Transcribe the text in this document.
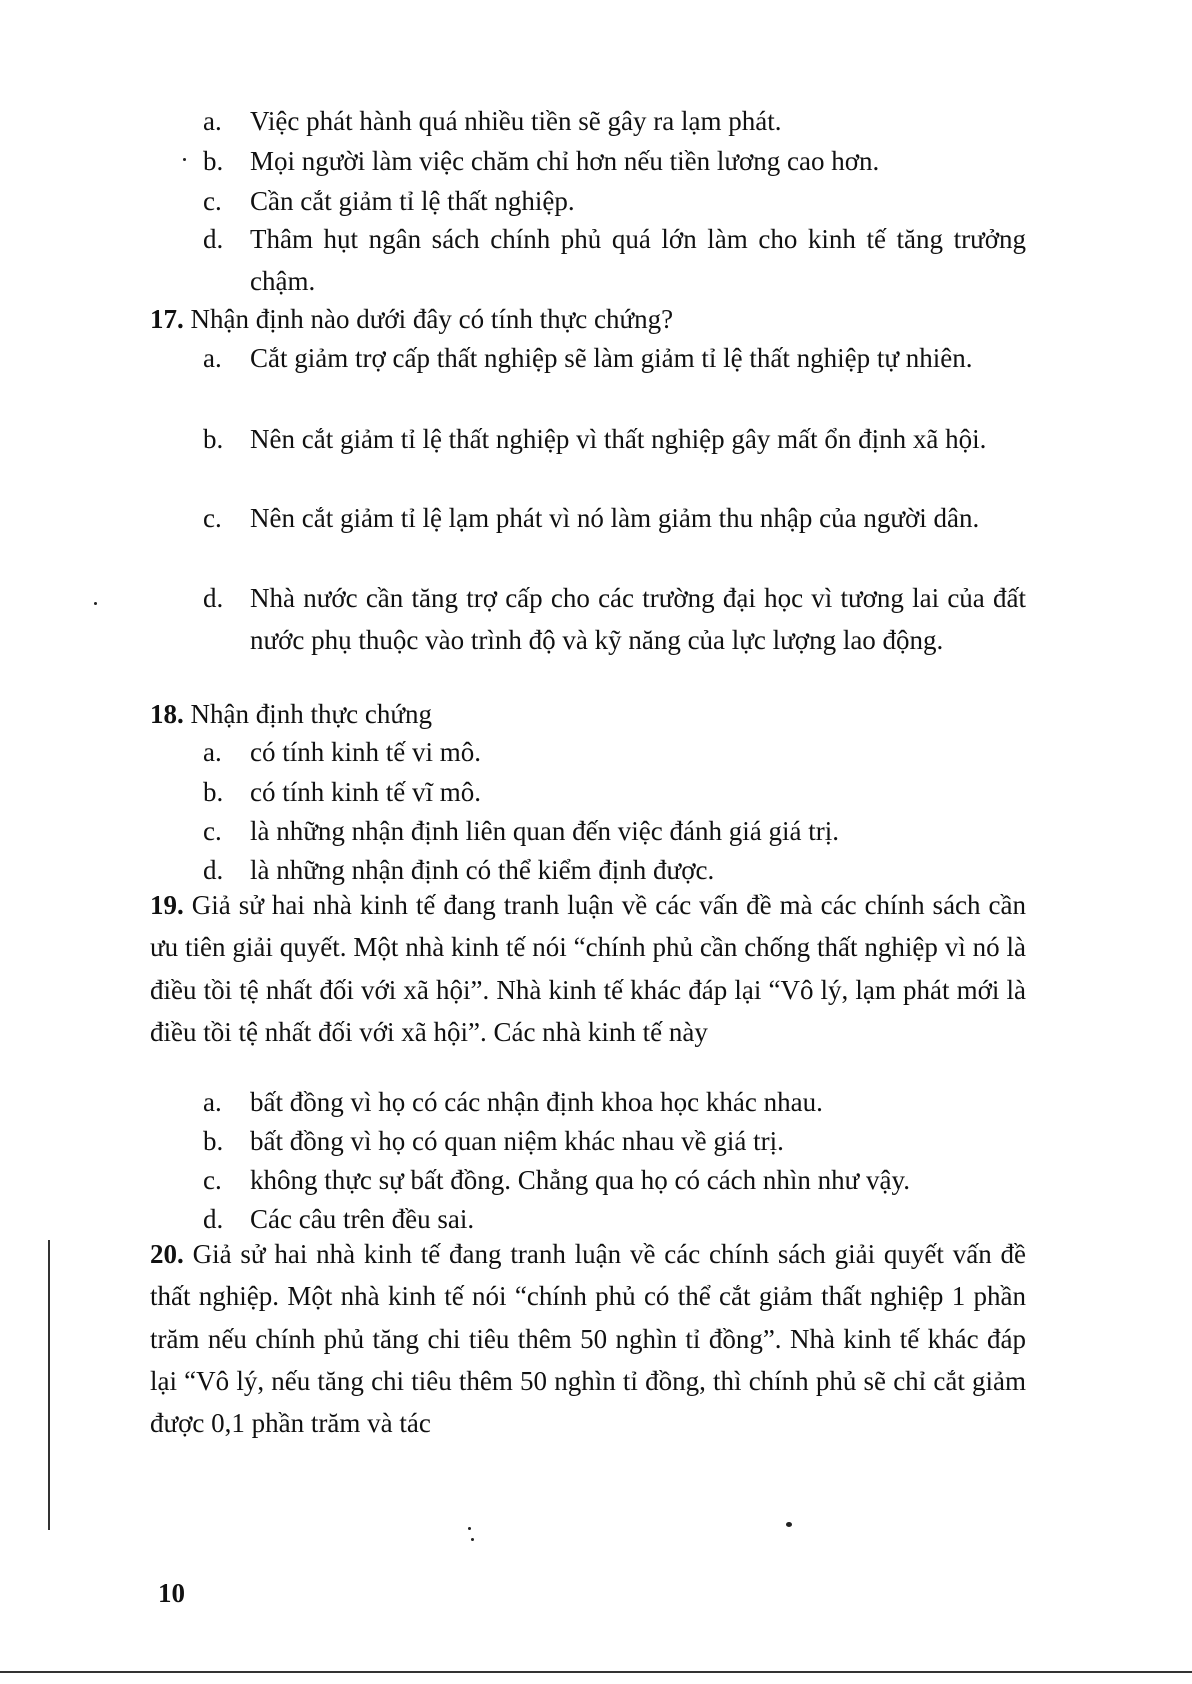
a. Việc phát hành quá nhiều tiền sẽ gây ra lạm phát.
b. Mọi người làm việc chăm chỉ hơn nếu tiền lương cao hơn.
c. Cần cắt giảm tỉ lệ thất nghiệp.
d. Thâm hụt ngân sách chính phủ quá lớn làm cho kinh tế tăng trưởng chậm.
17. Nhận định nào dưới đây có tính thực chứng?
a. Cắt giảm trợ cấp thất nghiệp sẽ làm giảm tỉ lệ thất nghiệp tự nhiên.
b. Nên cắt giảm tỉ lệ thất nghiệp vì thất nghiệp gây mất ổn định xã hội.
c. Nên cắt giảm tỉ lệ lạm phát vì nó làm giảm thu nhập của người dân.
d. Nhà nước cần tăng trợ cấp cho các trường đại học vì tương lai của đất nước phụ thuộc vào trình độ và kỹ năng của lực lượng lao động.
18. Nhận định thực chứng
a. có tính kinh tế vi mô.
b. có tính kinh tế vĩ mô.
c. là những nhận định liên quan đến việc đánh giá giá trị.
d. là những nhận định có thể kiểm định được.
19. Giả sử hai nhà kinh tế đang tranh luận về các vấn đề mà các chính sách cần ưu tiên giải quyết. Một nhà kinh tế nói “chính phủ cần chống thất nghiệp vì nó là điều tồi tệ nhất đối với xã hội”. Nhà kinh tế khác đáp lại “Vô lý, lạm phát mới là điều tồi tệ nhất đối với xã hội”. Các nhà kinh tế này
a. bất đồng vì họ có các nhận định khoa học khác nhau.
b. bất đồng vì họ có quan niệm khác nhau về giá trị.
c. không thực sự bất đồng. Chẳng qua họ có cách nhìn như vậy.
d. Các câu trên đều sai.
20. Giả sử hai nhà kinh tế đang tranh luận về các chính sách giải quyết vấn đề thất nghiệp. Một nhà kinh tế nói “chính phủ có thể cắt giảm thất nghiệp 1 phần trăm nếu chính phủ tăng chi tiêu thêm 50 nghìn tỉ đồng”. Nhà kinh tế khác đáp lại “Vô lý, nếu tăng chi tiêu thêm 50 nghìn tỉ đồng, thì chính phủ sẽ chỉ cắt giảm được 0,1 phần trăm và tác
10
